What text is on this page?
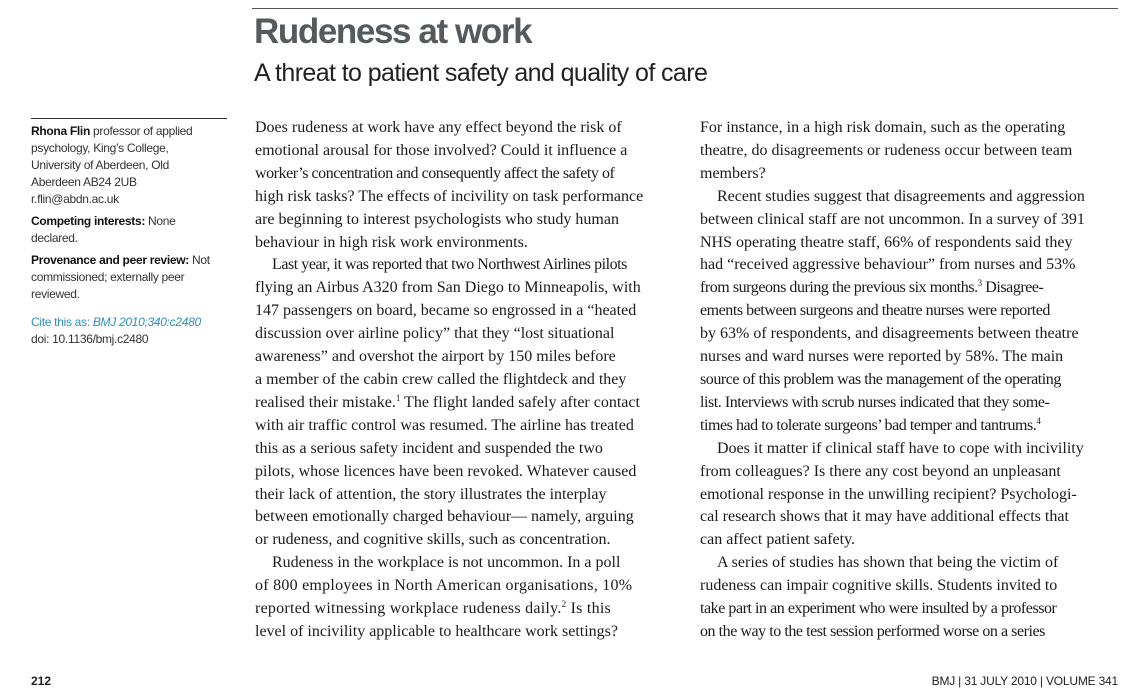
Rudeness at work
A threat to patient safety and quality of care

Rhona Flin professor of applied

psychology, King’s College,

University of Aberdeen, Old

Aberdeen AB24 2UB

r.flin@abdn.ac.uk

Competing interests: None

declared.

Provenance and peer review: Not

commissioned; externally peer

reviewed.

Cite this as: BMJ 2010;340:c2480

doi: 10.1136/bmj.c2480

Does rudeness at work have any effect beyond the risk of

emotional arousal for those involved? Could it influence a

worker’s concentration and consequently affect the safety of

high risk tasks? The effects of incivility on task performance

are beginning to interest psychologists who study human

behaviour in high risk work environments.

Last year, it was reported that two Northwest Airlines pilots

flying an Airbus A320 from San Diego to Minneapolis, with

147 passengers on board, became so engrossed in a “heated

discussion over airline policy” that they “lost situational

awareness” and overshot the airport by 150 miles before

a member of the cabin crew called the flightdeck and they

realised their mistake.$^1$ The flight landed safely after contact

with air traffic control was resumed. The airline has treated

this as a serious safety incident and suspended the two

pilots, whose licences have been revoked. Whatever caused

their lack of attention, the story illustrates the interplay

between emotionally charged behaviour— namely, arguing

or rudeness, and cognitive skills, such as concentration.

Rudeness in the workplace is not uncommon. In a poll

of 800 employees in North American organisations, 10%

reported witnessing workplace rudeness daily.$^2$ Is this

level of incivility applicable to healthcare work settings?

For instance, in a high risk domain, such as the operating

theatre, do disagreements or rudeness occur between team

members?

Recent studies suggest that disagreements and aggression

between clinical staff are not uncommon. In a survey of 391

NHS operating theatre staff, 66% of respondents said they

had “received aggressive behaviour” from nurses and 53%

from surgeons during the previous six months.$^3$ Disagree-

ements between surgeons and theatre nurses were reported

by 63% of respondents, and disagreements between theatre

nurses and ward nurses were reported by 58%. The main

source of this problem was the management of the operating

list. Interviews with scrub nurses indicated that they some-

times had to tolerate surgeons’ bad temper and tantrums.$^4$

Does it matter if clinical staff have to cope with incivility

from colleagues? Is there any cost beyond an unpleasant

emotional response in the unwilling recipient? Psychologi-

cal research shows that it may have additional effects that

can affect patient safety.

A series of studies has shown that being the victim of

rudeness can impair cognitive skills. Students invited to

take part in an experiment who were insulted by a professor

on the way to the test session performed worse on a series

212	BMJ | 31 JULY 2010 | VOLUME 341
